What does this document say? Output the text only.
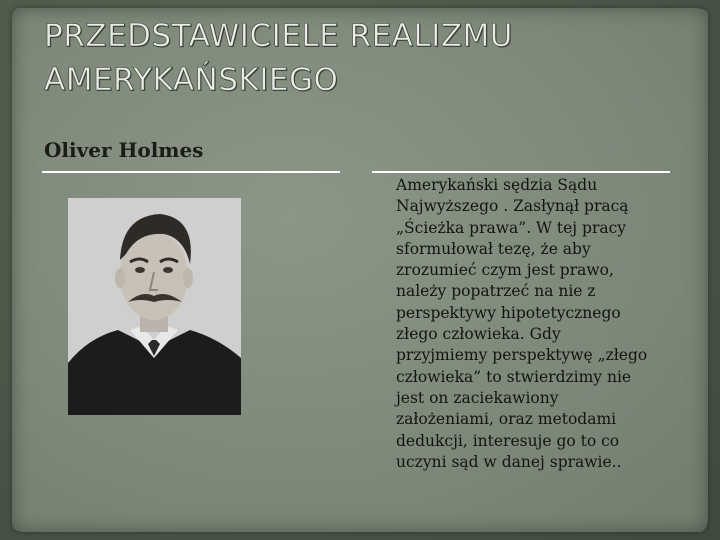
PRZEDSTAWICIELE REALIZMU AMERYKAŃSKIEGO
Oliver Holmes
Amerykański sędzia Sądu
Najwyższego . Zasłynął pracą
„Ścieżka prawa”. W tej pracy
sformułował tezę, że aby
zrozumieć czym jest prawo,
należy popatrzeć na nie z
perspektywy hipotetycznego
złego człowieka. Gdy
przyjmiemy perspektywę „złego
człowieka” to stwierdzimy nie
jest on zaciekawiony
założeniami, oraz metodami
dedukcji, interesuje go to co
uczyni sąd w danej sprawie..
